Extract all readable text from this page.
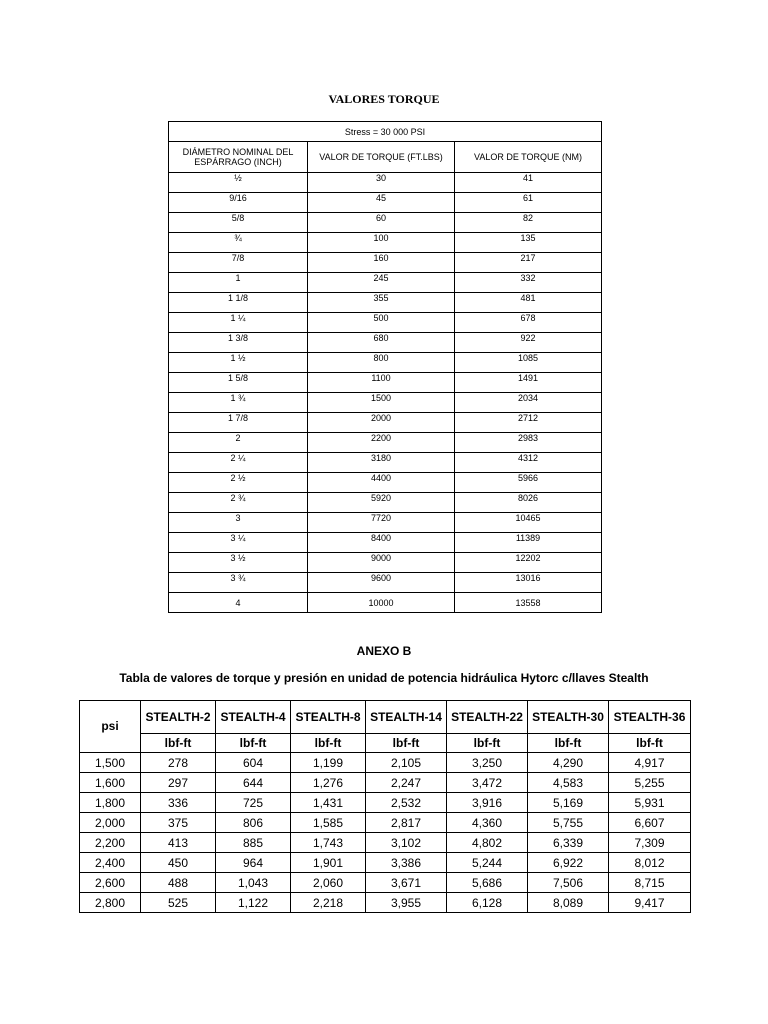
VALORES TORQUE
Stress = 30 000 PSI		
DIÁMETRO NOMINAL DEL ESPÁRRAGO (INCH)	VALOR DE TORQUE (FT.LBS)	VALOR DE TORQUE (NM)
½	30	41
9/16	45	61
5/8	60	82
¾	100	135
7/8	160	217
1	245	332
1 1/8	355	481
1 ¼	500	678
1 3/8	680	922
1 ½	800	1085
1 5/8	1100	1491
1 ¾	1500	2034
1 7/8	2000	2712
2	2200	2983
2 ¼	3180	4312
2 ½	4400	5966
2 ¾	5920	8026
3	7720	10465
3 ¼	8400	11389
3 ½	9000	12202
3 ¾	9600	13016
4	10000	13558
ANEXO B
Tabla de valores de torque y presión en unidad de potencia hidráulica Hytorc c/llaves Stealth
psi	STEALTH-2	STEALTH-4	STEALTH-8	STEALTH-14	STEALTH-22	STEALTH-30	STEALTH-36
	lbf-ft	lbf-ft	lbf-ft	lbf-ft	lbf-ft	lbf-ft	lbf-ft
1,500	278	604	1,199	2,105	3,250	4,290	4,917
1,600	297	644	1,276	2,247	3,472	4,583	5,255
1,800	336	725	1,431	2,532	3,916	5,169	5,931
2,000	375	806	1,585	2,817	4,360	5,755	6,607
2,200	413	885	1,743	3,102	4,802	6,339	7,309
2,400	450	964	1,901	3,386	5,244	6,922	8,012
2,600	488	1,043	2,060	3,671	5,686	7,506	8,715
2,800	525	1,122	2,218	3,955	6,128	8,089	9,417
